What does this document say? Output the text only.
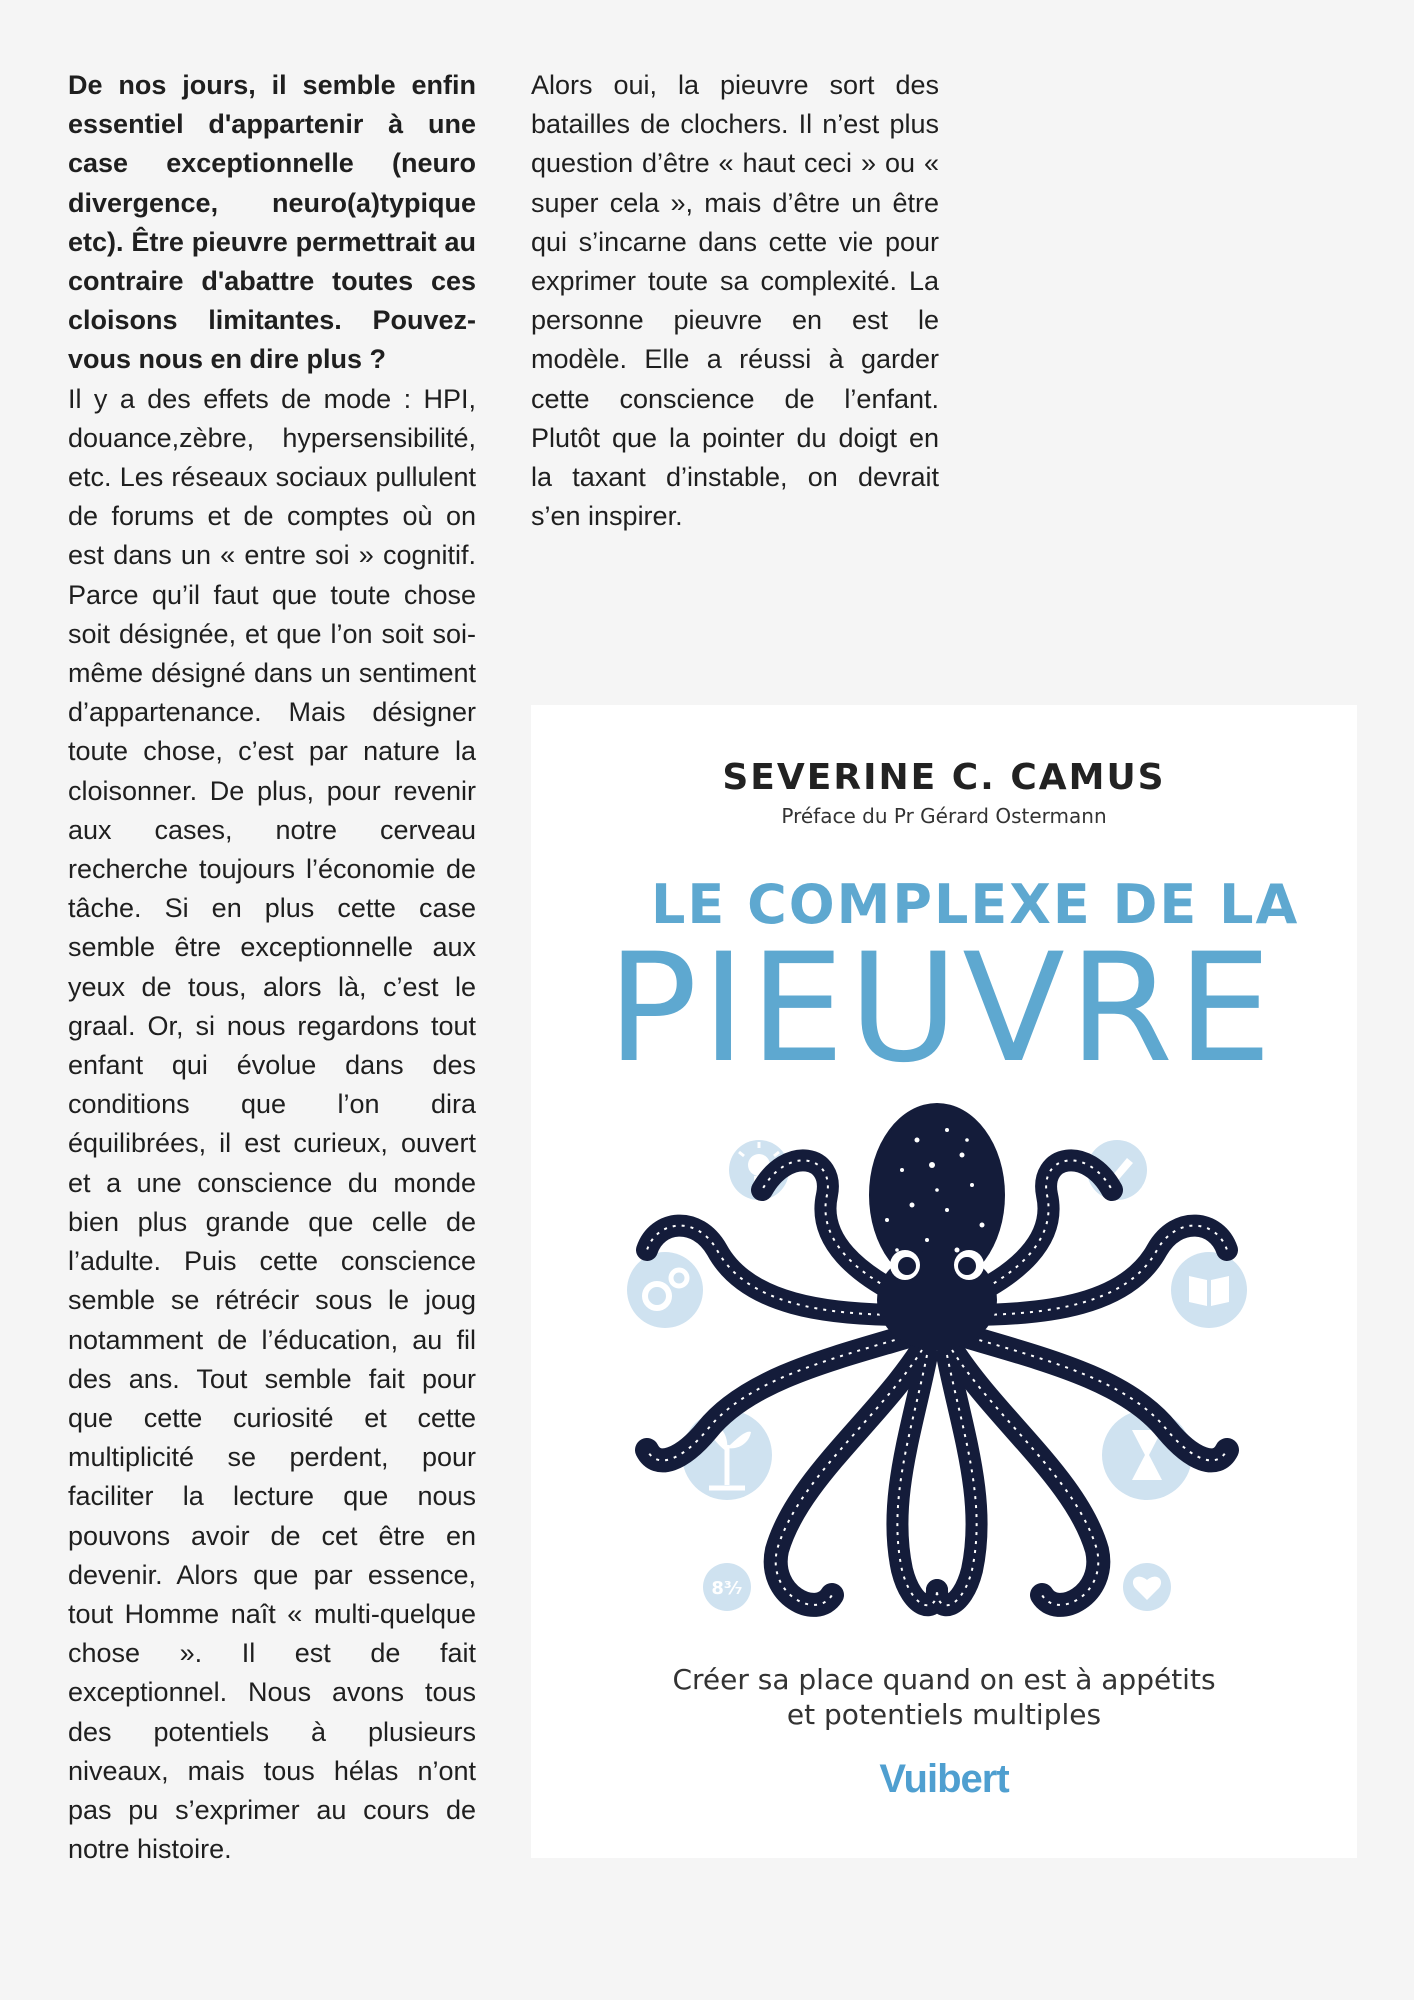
De nos jours, il semble enfin essentiel d'appartenir à une case exceptionnelle (neuro divergence, neuro(a)typique etc). Être pieuvre permettrait au contraire d'abattre toutes ces cloisons limitantes. Pouvez-vous nous en dire plus ?

Il y a des effets de mode : HPI, douance,zèbre, hypersensibilité, etc. Les réseaux sociaux pullulent de forums et de comptes où on est dans un « entre soi » cognitif. Parce qu’il faut que toute chose soit désignée, et que l’on soit soi-même désigné dans un sentiment d’appartenance. Mais désigner toute chose, c’est par nature la cloisonner. De plus, pour revenir aux cases, notre cerveau recherche toujours l’économie de tâche. Si en plus cette case semble être exceptionnelle aux yeux de tous, alors là, c’est le graal. Or, si nous regardons tout enfant qui évolue dans des conditions que l’on dira équilibrées, il est curieux, ouvert et a une conscience du monde bien plus grande que celle de l’adulte. Puis cette conscience semble se rétrécir sous le joug notamment de l’éducation, au fil des ans. Tout semble fait pour que cette curiosité et cette multiplicité se perdent, pour faciliter la lecture que nous pouvons avoir de cet être en devenir. Alors que par essence, tout Homme naît « multi-quelque chose ». Il est de fait exceptionnel. Nous avons tous des potentiels à plusieurs niveaux, mais tous hélas n’ont pas pu s’exprimer au cours de notre histoire.

Alors oui, la pieuvre sort des batailles de clochers. Il n’est plus question d’être « haut ceci » ou « super cela », mais d’être un être qui s’incarne dans cette vie pour exprimer toute sa complexité. La personne pieuvre en est le modèle. Elle a réussi à garder cette conscience de l’enfant. Plutôt que la pointer du doigt en la taxant d’instable, on devrait s’en inspirer.

SEVERINE C. CAMUS
Préface du Pr Gérard Ostermann
LE COMPLEXE DE LA
PIEUVRE
8³⁄₇
Créer sa place quand on est à appétits
et potentiels multiples
Vuibert
